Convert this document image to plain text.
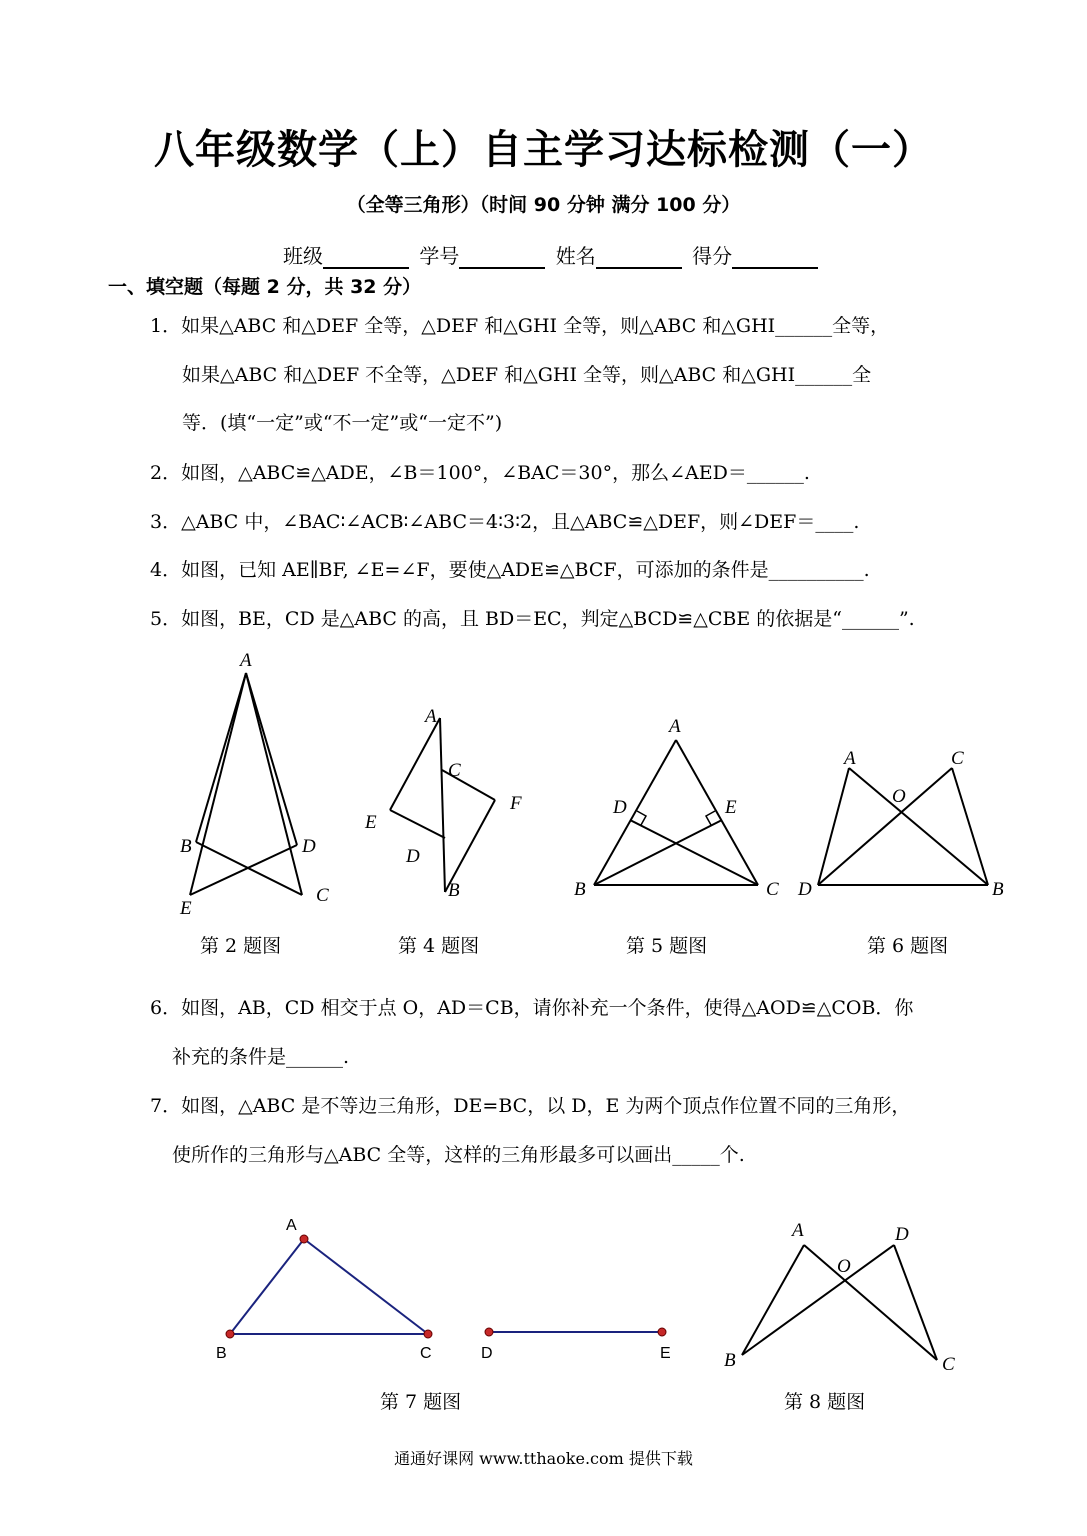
八年级数学（上）自主学习达标检测（一）
（全等三角形）（时间 90 分钟 满分 100 分）
班级	学号	姓名	得分
一、填空题（每题 2 分，共 32 分）
1．如果△ABC 和△DEF 全等，△DEF 和△GHI 全等，则△ABC 和△GHI______全等，
如果△ABC 和△DEF 不全等，△DEF 和△GHI 全等，则△ABC 和△GHI______全
等．(填“一定”或“不一定”或“一定不”)
2．如图，△ABC≌△ADE，∠B＝100°，∠BAC＝30°，那么∠AED＝______.
3．△ABC 中，∠BAC∶∠ACB∶∠ABC＝4∶3∶2，且△ABC≌△DEF，则∠DEF＝____.
4．如图，已知 AE∥BF, ∠E=∠F，要使△ADE≌△BCF，可添加的条件是__________.
5．如图，BE，CD 是△ABC 的高，且 BD＝EC，判定△BCD≌△CBE 的依据是“______”.
A
B	D
E
C
A
C
F
E
D
B
A
D	E
B	C
A	C
O
D	B
第 2 题图	第 4 题图	第 5 题图	第 6 题图
6．如图，AB，CD 相交于点 O，AD＝CB，请你补充一个条件，使得△AOD≌△COB．你
补充的条件是______.
7．如图，△ABC 是不等边三角形，DE=BC，以 D，E 为两个顶点作位置不同的三角形，
使所作的三角形与△ABC 全等，这样的三角形最多可以画出_____个.
A
B	C	D	E
A	D
O
B	C
第 7 题图	第 8 题图
通通好课网 www.tthaoke.com 提供下载
